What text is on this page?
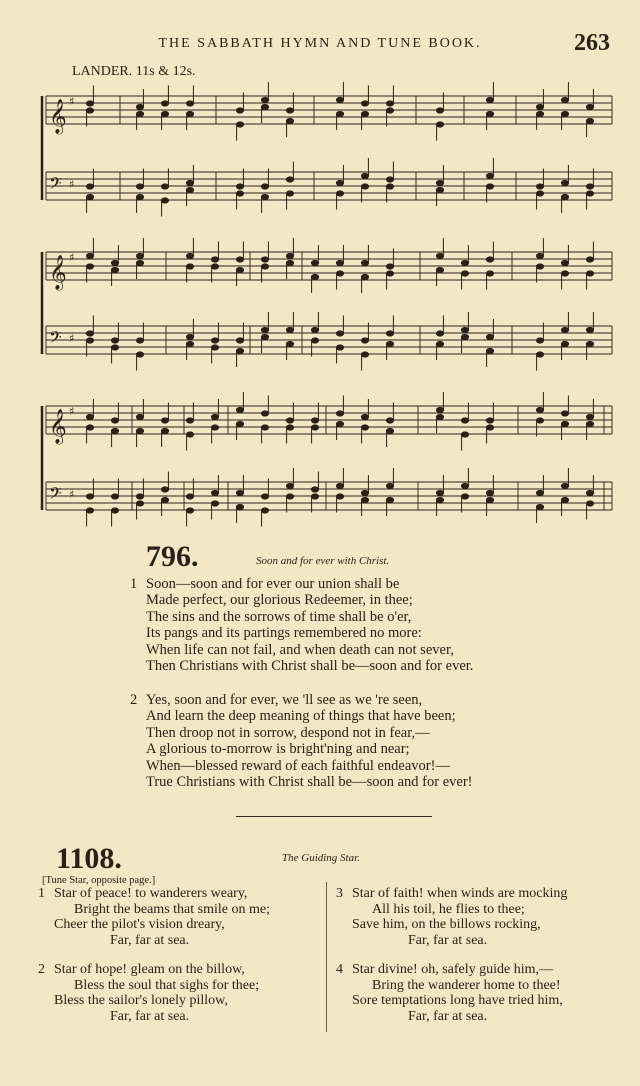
THE SABBATH HYMN AND TUNE BOOK.	263
LANDER. 11s & 12s.
𝄞 ♯
𝄢 ♯
𝄞 ♯
𝄢 ♯
𝄞 ♯
𝄢 ♯
796.	Soon and for ever with Christ.
1 Soon—soon and for ever our union shall be
Made perfect, our glorious Redeemer, in thee;
The sins and the sorrows of time shall be o'er,
Its pangs and its partings remembered no more:
When life can not fail, and when death can not sever,
Then Christians with Christ shall be—soon and for ever.
2 Yes, soon and for ever, we 'll see as we 're seen,
And learn the deep meaning of things that have been;
Then droop not in sorrow, despond not in fear,—
A glorious to-morrow is bright'ning and near;
When—blessed reward of each faithful endeavor!—
True Christians with Christ shall be—soon and for ever!
1108.	The Guiding Star.
[Tune Star, opposite page.]
1 Star of peace! to wanderers weary,
Bright the beams that smile on me;
Cheer the pilot's vision dreary,
Far, far at sea.
2 Star of hope! gleam on the billow,
Bless the soul that sighs for thee;
Bless the sailor's lonely pillow,
Far, far at sea.
3 Star of faith! when winds are mocking
All his toil, he flies to thee;
Save him, on the billows rocking,
Far, far at sea.
4 Star divine! oh, safely guide him,—
Bring the wanderer home to thee!
Sore temptations long have tried him,
Far, far at sea.
